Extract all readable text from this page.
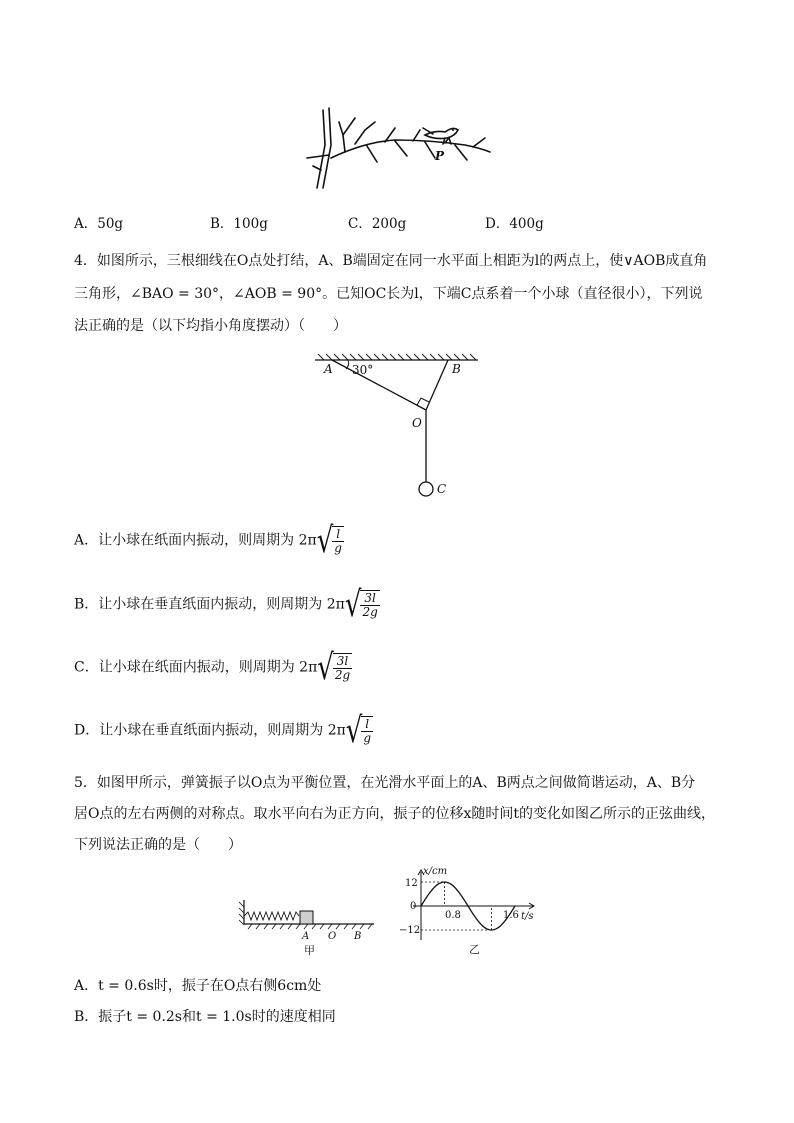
P
A．50g	B．100g	C．200g	D．400g
4．如图所示，三根细线在O点处打结，A、B端固定在同一水平面上相距为l的两点上，使∨AOB成直角
三角形，∠BAO = 30°，∠AOB = 90°。已知OC长为l，下端C点系着一个小球（直径很小），下列说
法正确的是（以下均指小角度摆动）（　　）
A 30°	B
O
C
A．让小球在纸面内振动，则周期为 2π √ $\frac{l}{g}$
B．让小球在垂直纸面内振动，则周期为 2π √ $\frac{3l}{2g}$
C．让小球在纸面内振动，则周期为 2π √ $\frac{3l}{2g}$
D．让小球在垂直纸面内振动，则周期为 2π √ $\frac{l}{g}$
5．如图甲所示，弹簧振子以O点为平衡位置，在光滑水平面上的A、B两点之间做简谐运动，A、B分
居O点的左右两侧的对称点。取水平向右为正方向，振子的位移x随时间t的变化如图乙所示的正弦曲线，
下列说法正确的是（　　）
A O B
甲
x/cm
t/s
12
0
−12
0.8	1.6
乙
A．t = 0.6s时，振子在O点右侧6cm处
B．振子t = 0.2s和t = 1.0s时的速度相同
